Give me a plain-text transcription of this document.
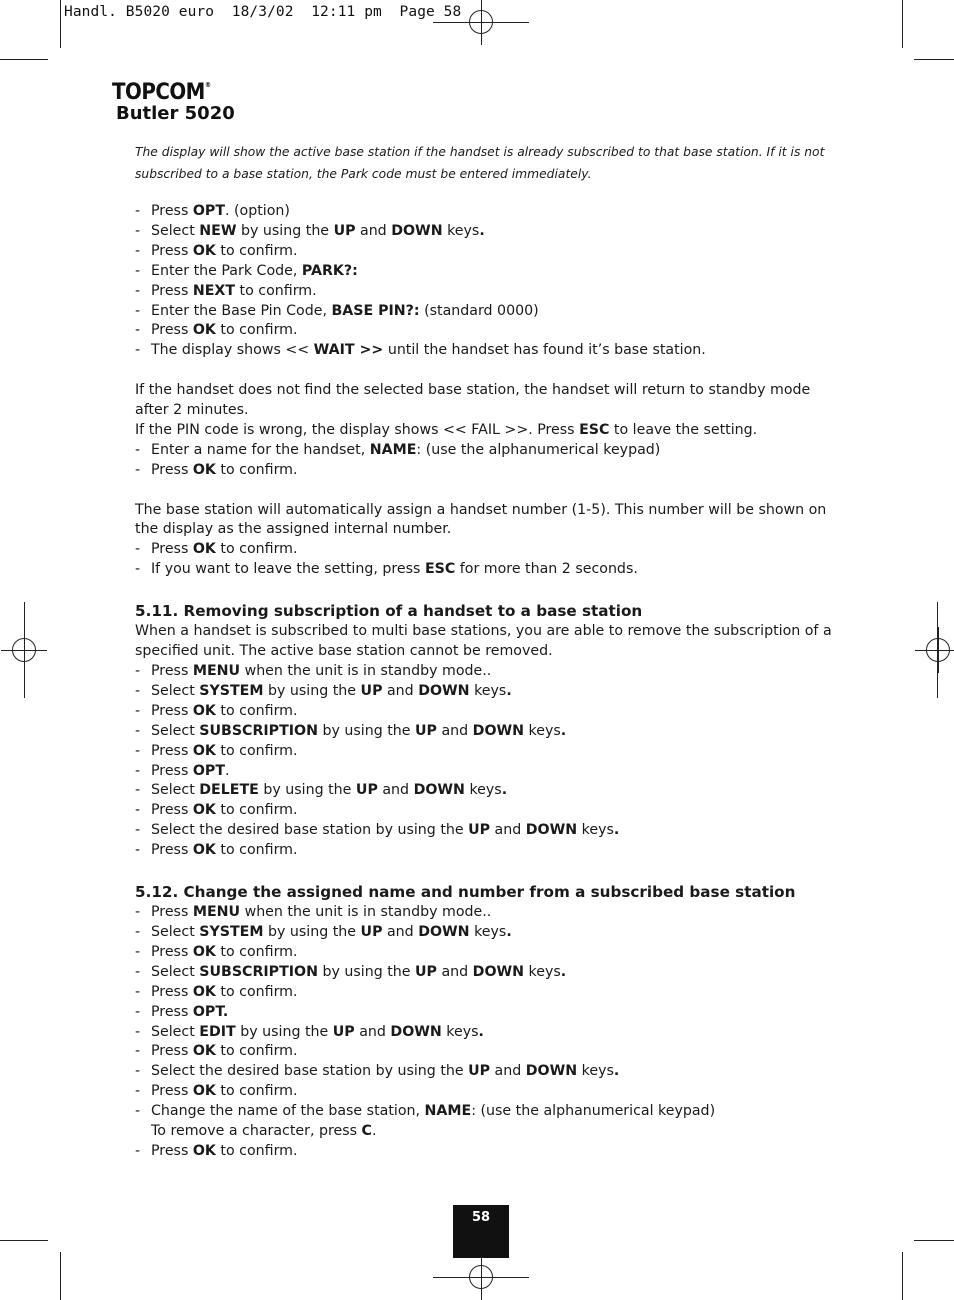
Handl. B5020 euro  18/3/02  12:11 pm  Page 58
TOPCOM®
Butler 5020

The display will show the active base station if the handset is already subscribed to that base station. If it is not subscribed to a base station, the Park code must be entered immediately.

- Press OPT. (option)
- Select NEW by using the UP and DOWN keys.
- Press OK to confirm.
- Enter the Park Code, PARK?:
- Press NEXT to confirm.
- Enter the Base Pin Code, BASE PIN?: (standard 0000)
- Press OK to confirm.
- The display shows << WAIT >> until the handset has found it’s base station.

If the handset does not find the selected base station, the handset will return to standby mode after 2 minutes.

If the PIN code is wrong, the display shows << FAIL >>. Press ESC to leave the setting.

- Enter a name for the handset, NAME: (use the alphanumerical keypad)
- Press OK to confirm.

The base station will automatically assign a handset number (1-5). This number will be shown on the display as the assigned internal number.

- Press OK to confirm.
- If you want to leave the setting, press ESC for more than 2 seconds.

5.11. Removing subscription of a handset to a base station

When a handset is subscribed to multi base stations, you are able to remove the subscription of a specified unit. The active base station cannot be removed.

- Press MENU when the unit is in standby mode..
- Select SYSTEM by using the UP and DOWN keys.
- Press OK to confirm.
- Select SUBSCRIPTION by using the UP and DOWN keys.
- Press OK to confirm.
- Press OPT.
- Select DELETE by using the UP and DOWN keys.
- Press OK to confirm.
- Select the desired base station by using the UP and DOWN keys.
- Press OK to confirm.

5.12. Change the assigned name and number from a subscribed base station

- Press MENU when the unit is in standby mode..
- Select SYSTEM by using the UP and DOWN keys.
- Press OK to confirm.
- Select SUBSCRIPTION by using the UP and DOWN keys.
- Press OK to confirm.
- Press OPT.
- Select EDIT by using the UP and DOWN keys.
- Press OK to confirm.
- Select the desired base station by using the UP and DOWN keys.
- Press OK to confirm.
- Change the name of the base station, NAME: (use the alphanumerical keypad)

To remove a character, press C.

- Press OK to confirm.
58
